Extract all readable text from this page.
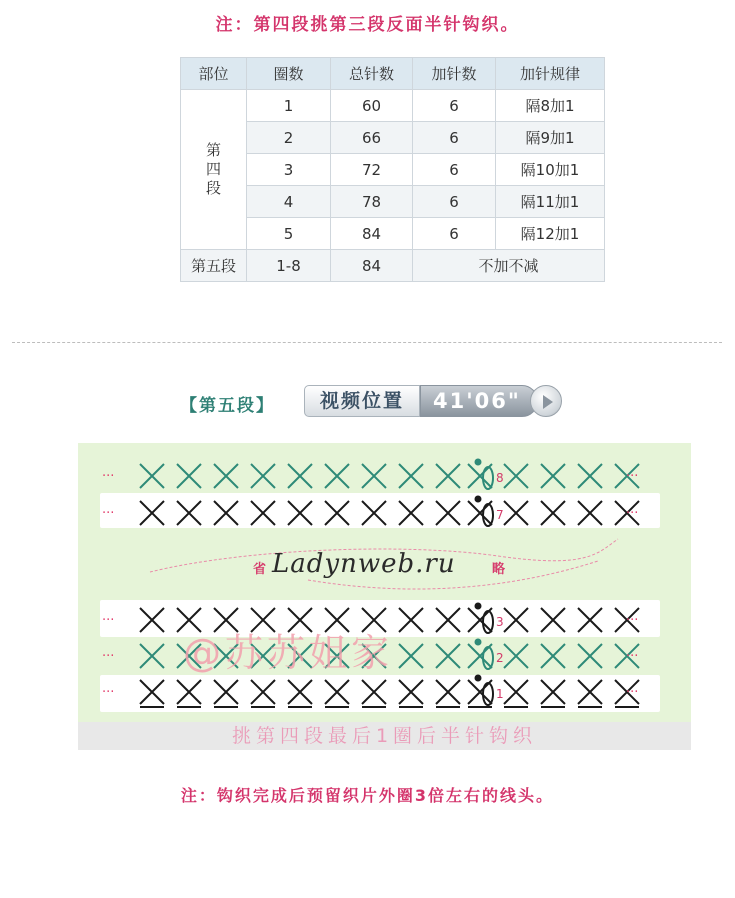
注：第四段挑第三段反面半针钩织。
部位	圈数	总针数	加针数	加针规律

第
四
段	1	60	6	隔8加1
	2	66	6	隔9加1
	3	72	6	隔10加1
	4	78	6	隔11加1
	5	84	6	隔12加1
第五段	1-8	84	不加不减	
【第五段】	视频位置	41'06"
8
···	···
7
···	···
3
···	···
2
···	···
1
···	···
省	略
Ladynweb.ru
@苏苏姐家
挑第四段最后1圈后半针钩织
注：钩织完成后预留织片外圈3倍左右的线头。
